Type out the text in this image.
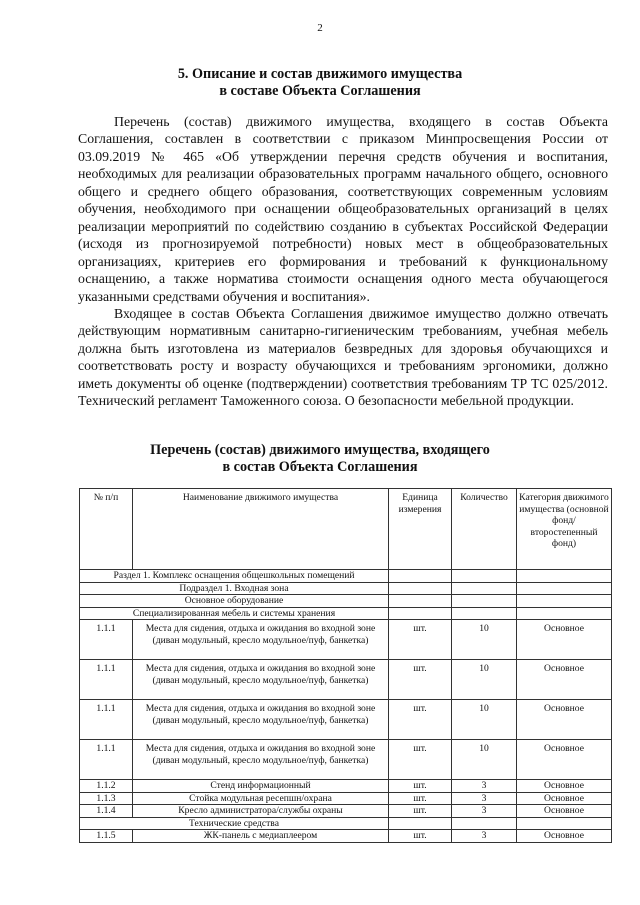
2
5. Описание и состав движимого имущества
в составе Объекта Соглашения

Перечень (состав) движимого имущества, входящего в состав Объекта Соглашения, составлен в соответствии с приказом Минпросвещения России от 03.09.2019 № 465 «Об утверждении перечня средств обучения и воспитания, необходимых для реализации образовательных программ начального общего, основного общего и среднего общего образования, соответствующих современным условиям обучения, необходимого при оснащении общеобразовательных организаций в целях реализации мероприятий по содействию созданию в субъектах Российской Федерации (исходя из прогнозируемой потребности) новых мест в общеобразовательных организациях, критериев его формирования и требований к функциональному оснащению, а также норматива стоимости оснащения одного места обучающегося указанными средствами обучения и воспитания».

Входящее в состав Объекта Соглашения движимое имущество должно отвечать действующим нормативным санитарно-гигиеническим требованиям, учебная мебель должна быть изготовлена из материалов безвредных для здоровья обучающихся и соответствовать росту и возрасту обучающихся и требованиям эргономики, должно иметь документы об оценке (подтверждении) соответствия требованиям ТР ТС 025/2012. Технический регламент Таможенного союза. О безопасности мебельной продукции.

Перечень (состав) движимого имущества, входящего
в состав Объекта Соглашения
№ п/п	Наименование движимого имущества	Единица измерения	Количество	Категория движимого имущества (основной фонд/ второстепенный фонд)
Раздел 1. Комплекс оснащения общешкольных помещений				
Подраздел 1. Входная зона				
Основное оборудование				
Специализированная мебель и системы хранения				
1.1.1	Места для сидения, отдыха и ожидания во входной зоне (диван модульный, кресло модульное/пуф, банкетка)	шт.	10	Основное
1.1.1	Места для сидения, отдыха и ожидания во входной зоне (диван модульный, кресло модульное/пуф, банкетка)	шт.	10	Основное
1.1.1	Места для сидения, отдыха и ожидания во входной зоне (диван модульный, кресло модульное/пуф, банкетка)	шт.	10	Основное
1.1.1	Места для сидения, отдыха и ожидания во входной зоне (диван модульный, кресло модульное/пуф, банкетка)	шт.	10	Основное
1.1.2	Стенд информационный	шт.	3	Основное
1.1.3	Стойка модульная ресепшн/охрана	шт.	3	Основное
1.1.4	Кресло администратора/службы охраны	шт.	3	Основное
Технические средства				
1.1.5	ЖК-панель с медиаплеером	шт.	3	Основное
